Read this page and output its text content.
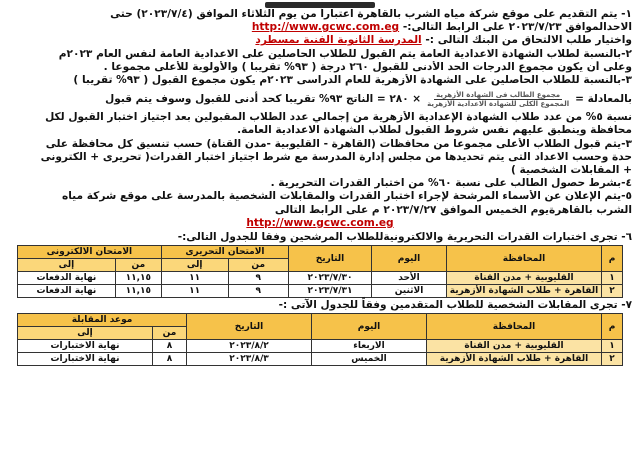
١- يتم التقديم على موقع شركة مياه الشرب بالقاهرة اعتباراً من يوم الثلاثاء الموافق (٢٠٢٣/٧/٤) حتى
الاحدالموافق ٢٠٢٣/٧/٢٣ على الرابط التالى:- http://www.gcwc.com.eg
واختيار طلب الالتحاق من البنك التالى :- المدرسة الثانوية الفنية بمسطرد
٢-بالنسبة لطلاب الشهادة الاعدادية العامة يتم القبول للطلاب الحاصلين على الاعدادية العامة لنفس العام ٢٠٢٣م
وعلى أن يكون مجموع الدرجات الحد الأدنى للقبول ٢٦٠ درجة ( ٩٣% تقريبا ) والأولوية للأعلى مجموعا .
٣-بالنسبة للطلاب الحاصلين على الشهادة الأزهرية للعام الدراسى ٢٠٢٣م يكون مجموع القبول ( ٩٣% تقريبا )
بالمعادلة =
$\frac{\text{مجموع الطالب فى الشهادة الأزهرية}}{\text{المجموع الكلى للشهادة الاعدادية الأزهرية}}$
× ٢٨٠ = الناتج ٩٣% تقريبا كحد أدنى للقبول وسوف يتم قبول
نسبة ٥% من عدد طلاب الشهادة الإعدادية الأزهرية من إجمالي عدد الطلاب المقبولين بعد اجتياز اختبار القبول لكل
محافظة وينطبق عليهم نفس شروط القبول لطلاب الشهادة الاعدادية العامة.
٣-يتم قبول الطلاب الأعلى مجموعا من محافظات (القاهرة - القليوبية -مدن القناة) حسب تنسيق كل محافظة على
حدة وحسب الاعداد التى يتم تحديدها من مجلس إدارة المدرسة مع شرط اجتياز اختبار القدرات( تحريرى + الكترونى
+ المقابلات الشخصية )
٤-بشرط حصول الطالب على نسبة ٦٠% من اختبار القدرات التحريرية .
٥-يتم الإعلان عن الأسماء المرشحة لإجراء اختبار القدرات والمقابلات الشخصية بالمدرسة على موقع شركة مياه
الشرب بالقاهرةيوم الخميس الموافق ٢٠٢٣/٧/٢٧ م على الرابط التالى
http://www.gcwc.com.eg
٦- تجرى اختبارات القدرات التحريرية والالكترونيةللطلاب المرشحين وفقا للجدول التالى:-
م	المحافظة	اليوم	التاريخ	الامتحان التحريرى		الامتحان الالكترونى	
				من	إلى	من	إلى
١	القليوبية + مدن القناة	الأحد	٢٠٢٣/٧/٣٠	٩	١١	١١,١٥	نهاية الدفعات
٢	القاهرة + طلاب الشهادة الأزهرية	الاثنين	٢٠٢٣/٧/٣١	٩	١١	١١,١٥	نهاية الدفعات
٧- تجرى المقابلات الشخصية للطلاب المتقدمين وفقاً للجدول الآتى :-
م	المحافظة	اليوم	التاريخ	موعد المقابلة	
				من	إلى
١	القليوبية + مدن القناة	الاربعاء	٢٠٢٣/٨/٢	٨	نهاية الاختبارات
٢	القاهرة + طلاب الشهادة الأزهرية	الخميس	٢٠٢٣/٨/٣	٨	نهاية الاختبارات
